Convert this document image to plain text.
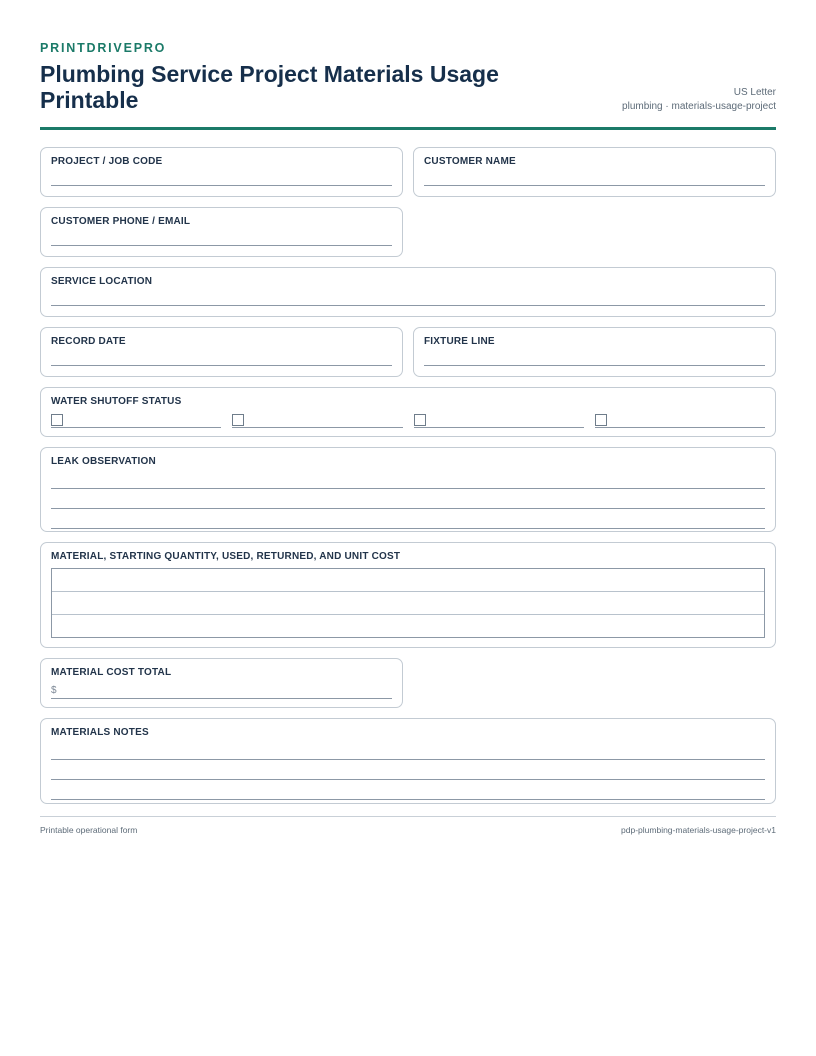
PRINTDRIVEPRO
Plumbing Service Project Materials Usage Printable	US Letter
plumbing · materials-usage-project
PROJECT / JOB CODE	CUSTOMER NAME
CUSTOMER PHONE / EMAIL
SERVICE LOCATION
RECORD DATE	FIXTURE LINE
WATER SHUTOFF STATUS
LEAK OBSERVATION
MATERIAL, STARTING QUANTITY, USED, RETURNED, AND UNIT COST
MATERIAL COST TOTAL
$
MATERIALS NOTES
Printable operational form	pdp-plumbing-materials-usage-project-v1
